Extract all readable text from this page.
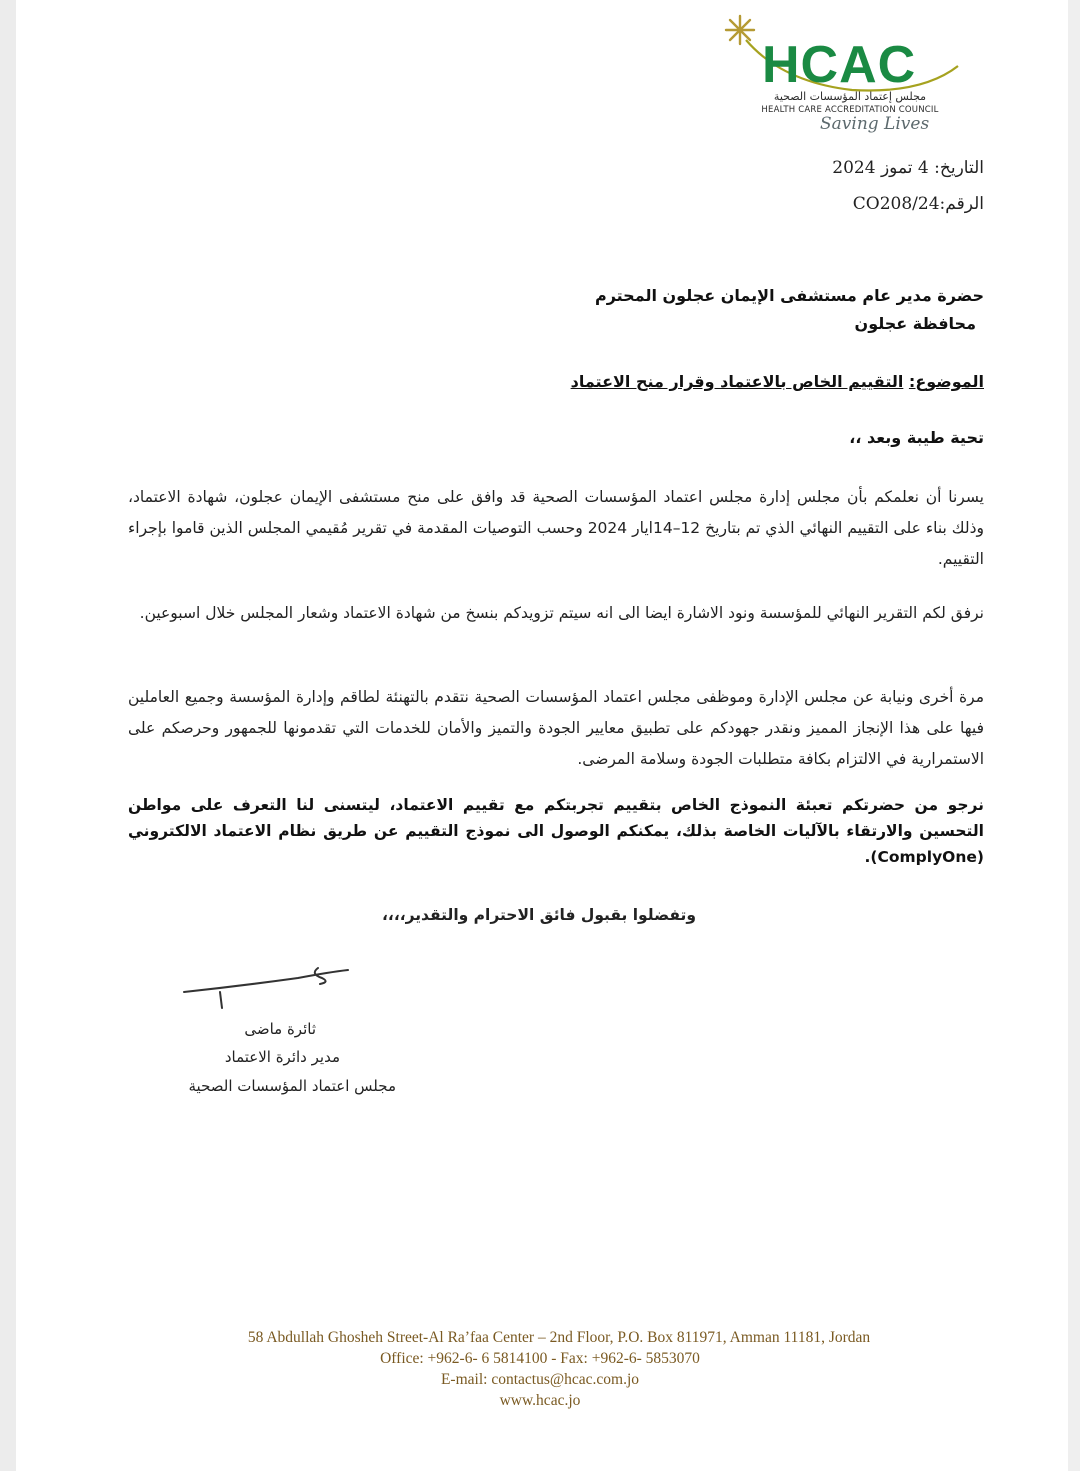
HCAC
مجلس إعتماد المؤسسات الصحية
HEALTH CARE ACCREDITATION COUNCIL
Saving Lives
التاريخ: 4 تموز 2024
الرقم:CO208/24
حضرة مدير عام مستشفى الإيمان عجلون المحترم
محافظة عجلون
الموضوع: التقييم الخاص بالاعتماد وقرار منح الاعتماد
تحية طيبة وبعد ،،
يسرنا أن نعلمكم بأن مجلس إدارة مجلس اعتماد المؤسسات الصحية قد وافق على منح مستشفى الإيمان عجلون، شهادة الاعتماد، وذلك بناء على التقييم النهائي الذي تم بتاريخ 12–14ايار 2024 وحسب التوصيات المقدمة في تقرير مُقيمي المجلس الذين قاموا بإجراء التقييم.
نرفق لكم التقرير النهائي للمؤسسة ونود الاشارة ايضا الى انه سيتم تزويدكم بنسخ من شهادة الاعتماد وشعار المجلس خلال اسبوعين.
مرة أخرى ونيابة عن مجلس الإدارة وموظفى مجلس اعتماد المؤسسات الصحية نتقدم بالتهنئة لطاقم وإدارة المؤسسة وجميع العاملين فيها على هذا الإنجاز المميز ونقدر جهودكم على تطبيق معايير الجودة والتميز والأمان للخدمات التي تقدمونها للجمهور وحرصكم على الاستمرارية في الالتزام بكافة متطلبات الجودة وسلامة المرضى.
نرجو من حضرتكم تعبئة النموذج الخاص بتقييم تجربتكم مع تقييم الاعتماد، ليتسنى لنا التعرف على مواطن التحسين والارتقاء بالآليات الخاصة بذلك، يمكنكم الوصول الى نموذج التقييم عن طريق نظام الاعتماد الالكتروني (ComplyOne).
وتفضلوا بقبول فائق الاحترام والتقدير،،،،
ثائرة ماضى
مدير دائرة الاعتماد
مجلس اعتماد المؤسسات الصحية
58 Abdullah Ghosheh Street-Al Ra’faa Center – 2nd Floor, P.O. Box 811971, Amman 11181, Jordan
Office: +962-6- 6 5814100 - Fax: +962-6- 5853070
E-mail: contactus@hcac.com.jo
www.hcac.jo
